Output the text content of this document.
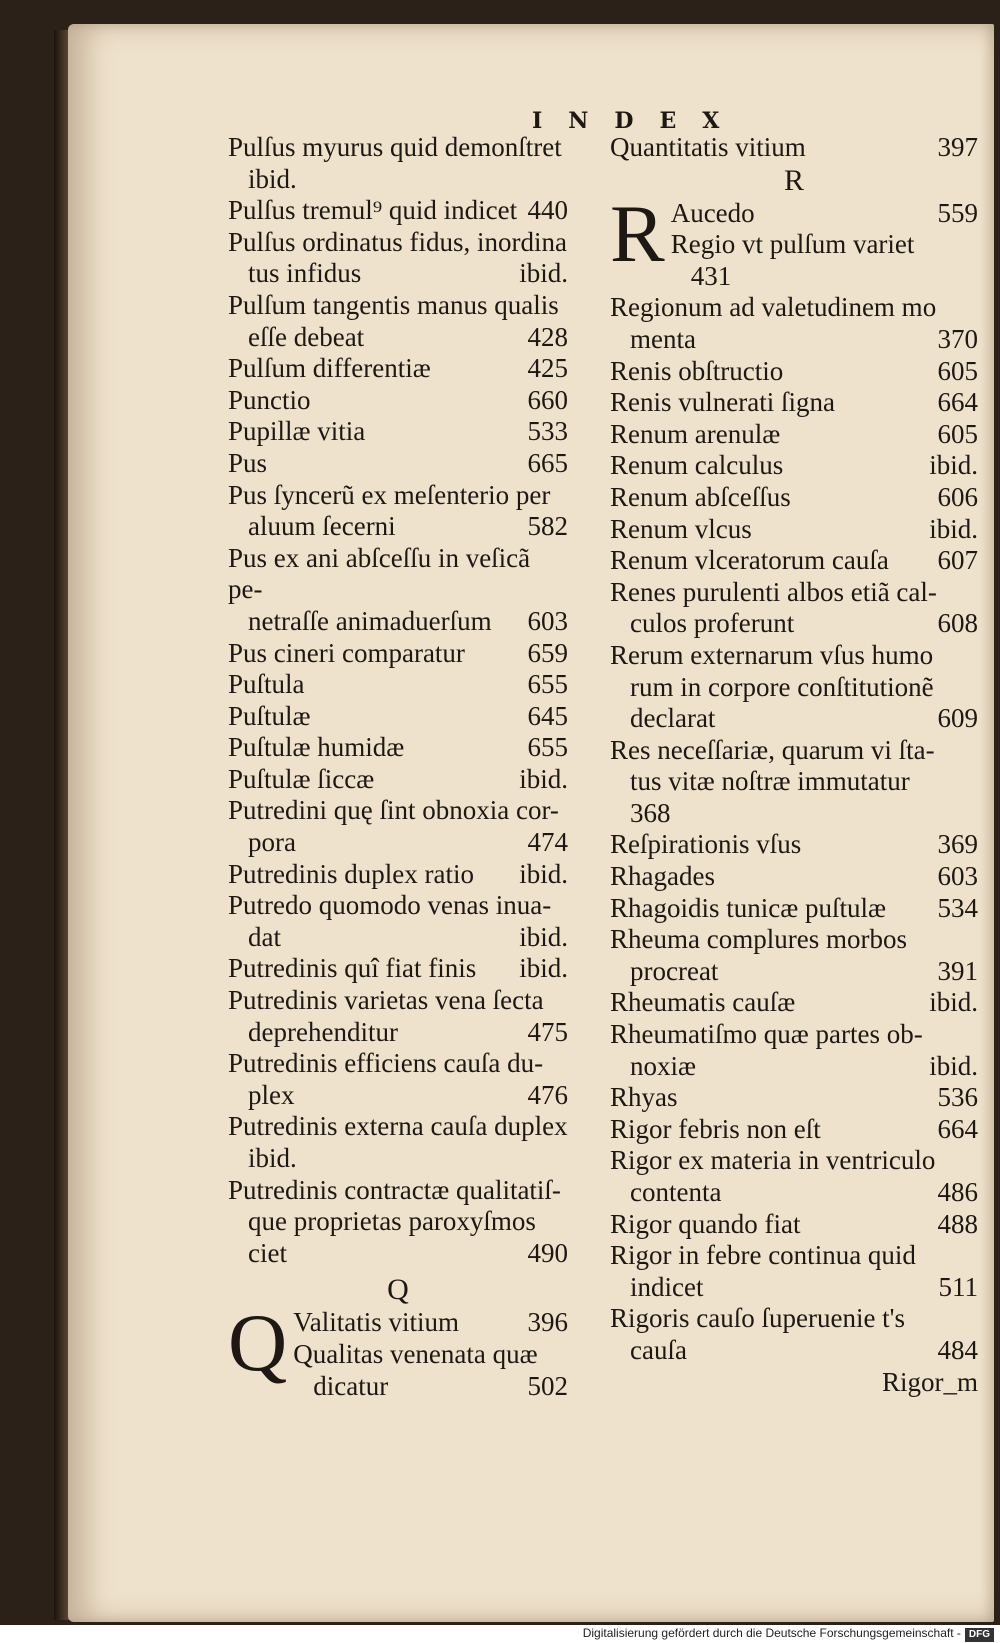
INDEX
Pulſus myurus quid demonſtret
ibid.
440
Pulſus tremul⁹ quid indicet
Pulſus ordinatus fidus, inordina
ibid.
tus infidus
Pulſum tangentis manus qualis
428
eſſe debeat
425
Pulſum differentiæ
660
Punctio
533
Pupillæ vitia
665
Pus
Pus ſyncerũ ex meſenterio per
582
aluum ſecerni
Pus ex ani abſceſſu in veſicã pe-
603
netraſſe animaduerſum
659
Pus cineri comparatur
655
Puſtula
645
Puſtulæ
655
Puſtulæ humidæ
ibid.
Puſtulæ ſiccæ
Putredini quę ſint obnoxia cor-
474
pora
ibid.
Putredinis duplex ratio
Putredo quomodo venas inua-
ibid.
dat
ibid.
Putredinis quî fiat finis
Putredinis varietas vena ſecta
475
deprehenditur
Putredinis efficiens cauſa du-
476
plex
Putredinis externa cauſa duplex
ibid.
Putredinis contractæ qualitatiſ-
que proprietas paroxyſmos
490
ciet
Q
Q	396
Valitatis vitium
Qualitas venenata quæ
502
dicatur
397
Quantitatis vitium
R
R	559
Aucedo
Regio vt pulſum variet
431
Regionum ad valetudinem mo
370
menta
605
Renis obſtructio
664
Renis vulnerati ſigna
605
Renum arenulæ
ibid.
Renum calculus
606
Renum abſceſſus
ibid.
Renum vlcus
607
Renum vlceratorum cauſa
Renes purulenti albos etiã cal-
608
culos proferunt
Rerum externarum vſus humo
rum in corpore conſtitutionẽ
609
declarat
Res neceſſariæ, quarum vi ſta-
tus vitæ noſtræ immutatur
368
369
Reſpirationis vſus
603
Rhagades
534
Rhagoidis tunicæ puſtulæ
Rheuma complures morbos
391
procreat
ibid.
Rheumatis cauſæ
Rheumatiſmo quæ partes ob-
ibid.
noxiæ
536
Rhyas
664
Rigor febris non eſt
Rigor ex materia in ventriculo
486
contenta
488
Rigor quando fiat
Rigor in febre continua quid
511
indicet
Rigoris cauſo ſuperuenie t's
484
cauſa
Rigor_m
Digitalisierung gefördert durch die Deutsche Forschungsgemeinschaft - DFG
